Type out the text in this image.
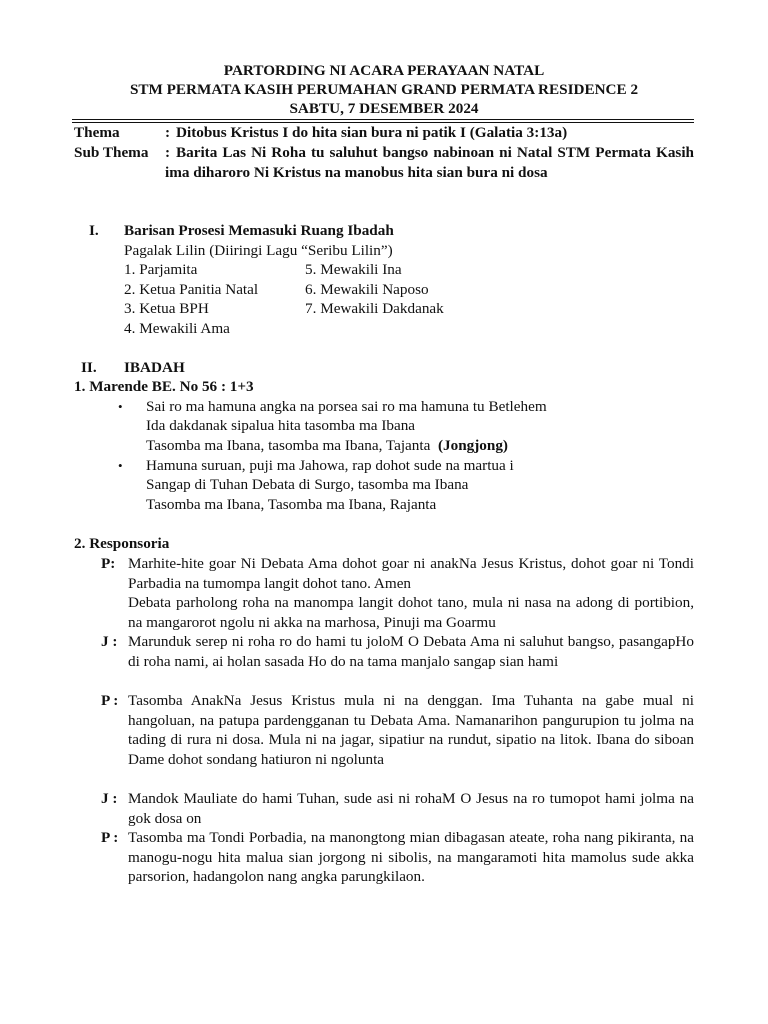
PARTORDING NI ACARA PERAYAAN NATAL
STM PERMATA KASIH PERUMAHAN GRAND PERMATA RESIDENCE 2
SABTU, 7 DESEMBER 2024
Thema	: Ditobus Kristus I do hita sian bura ni patik I (Galatia 3:13a)
Sub Thema : Barita Las Ni Roha tu saluhut bangso nabinoan ni Natal STM Permata Kasih ima diharoro Ni Kristus na manobus hita sian bura ni dosa
I. Barisan Prosesi Memasuki Ruang Ibadah
Pagalak Lilin (Diiringi Lagu “Seribu Lilin”)
1. Parjamita
2. Ketua Panitia Natal
3. Ketua BPH
4. Mewakili Ama
5. Mewakili Ina
6. Mewakili Naposo
7. Mewakili Dakdanak
II. IBADAH
1. Marende BE. No 56 : 1+3
• Sai ro ma hamuna angka na porsea sai ro ma hamuna tu Betlehem
Ida dakdanak sipalua hita tasomba ma Ibana
Tasomba ma Ibana, tasomba ma Ibana, Tajanta  (Jongjong)
• Hamuna suruan, puji ma Jahowa, rap dohot sude na martua i
Sangap di Tuhan Debata di Surgo, tasomba ma Ibana
Tasomba ma Ibana, Tasomba ma Ibana, Rajanta
2. Responsoria
P: Marhite-hite goar Ni Debata Ama dohot goar ni anakNa Jesus Kristus, dohot goar ni Tondi Parbadia na tumompa langit dohot tano. Amen
Debata parholong roha na manompa langit dohot tano, mula ni nasa na adong di portibion, na mangarorot ngolu ni akka na marhosa, Pinuji ma Goarmu
J : Marunduk serep ni roha ro do hami tu joloM O Debata Ama ni saluhut bangso, pasangapHo di roha nami, ai holan sasada Ho do na tama manjalo sangap sian hami
P : Tasomba AnakNa Jesus Kristus mula ni na denggan. Ima Tuhanta na gabe mual ni hangoluan, na patupa pardengganan tu Debata Ama. Namanarihon pangurupion tu jolma na tading di rura ni dosa. Mula ni na jagar, sipatiur na rundut, sipatio na litok. Ibana do siboan Dame dohot sondang hatiuron ni ngolunta
J : Mandok Mauliate do hami Tuhan, sude asi ni rohaM O Jesus na ro tumopot hami jolma na gok dosa on
P : Tasomba ma Tondi Porbadia, na manongtong mian dibagasan ateate, roha nang pikiranta, na manogu-nogu hita malua sian jorgong ni sibolis, na mangaramoti hita mamolus sude akka parsorion, hadangolon nang angka parungkilaon.
